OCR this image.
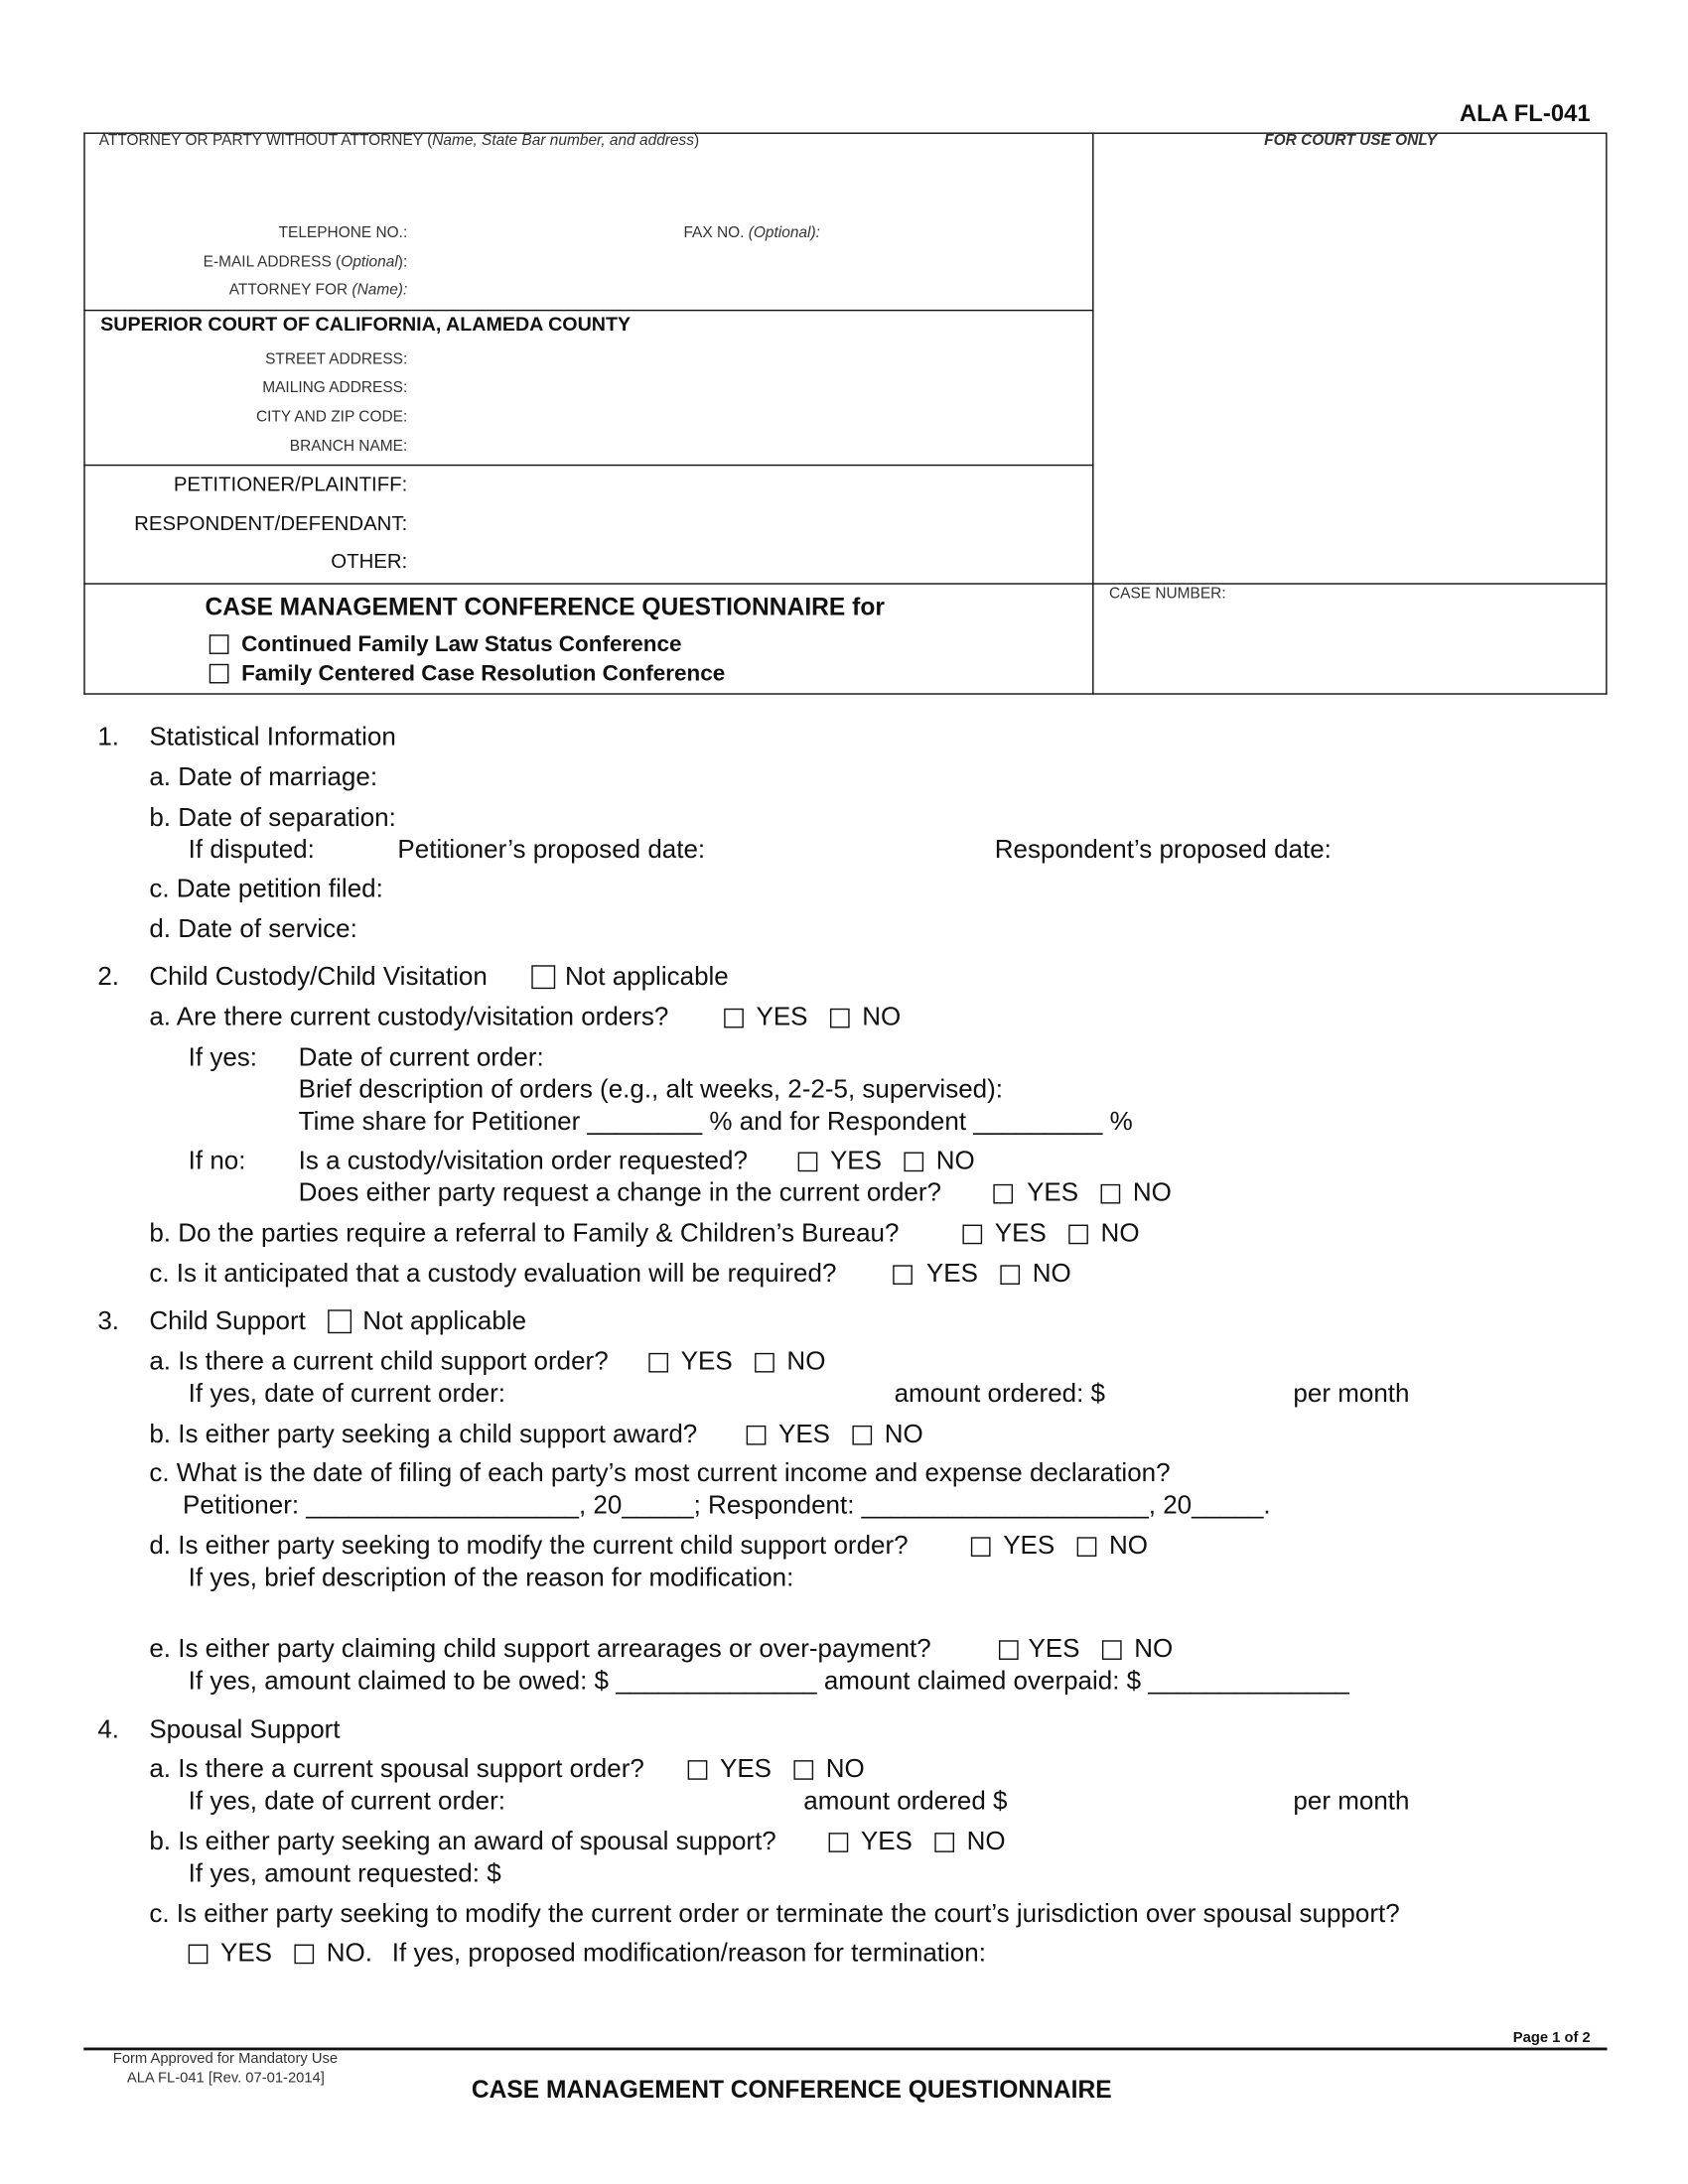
ALA FL-041
ATTORNEY OR PARTY WITHOUT ATTORNEY (Name, State Bar number, and address)	FOR COURT USE ONLY
TELEPHONE NO.:	FAX NO. (Optional):
E-MAIL ADDRESS (Optional):
ATTORNEY FOR (Name):
SUPERIOR COURT OF CALIFORNIA, ALAMEDA COUNTY
STREET ADDRESS:
MAILING ADDRESS:
CITY AND ZIP CODE:
BRANCH NAME:
PETITIONER/PLAINTIFF:
RESPONDENT/DEFENDANT:
OTHER:
CASE NUMBER:
CASE MANAGEMENT CONFERENCE QUESTIONNAIRE for
Continued Family Law Status Conference
Family Centered Case Resolution Conference
1. Statistical Information
a. Date of marriage:
b. Date of separation:
If disputed:	Petitioner’s proposed date:	Respondent’s proposed date:
c. Date petition filed:
d. Date of service:
2. Child Custody/Child Visitation	Not applicable
a. Are there current custody/visitation orders?	YES	NO
If yes: Date of current order:
Brief description of orders (e.g., alt weeks, 2-2-5, supervised):
Time share for Petitioner ________ % and for Respondent _________ %
If no:	Is a custody/visitation order requested?	YES	NO
Does either party request a change in the current order?	YES	NO
b. Do the parties require a referral to Family & Children’s Bureau?	YES	NO
c. Is it anticipated that a custody evaluation will be required?	YES	NO
3. Child Support	Not applicable
a. Is there a current child support order?	YES	NO
If yes, date of current order:	amount ordered: $	per month
b. Is either party seeking a child support award?	YES	NO
c. What is the date of filing of each party’s most current income and expense declaration?
Petitioner: ___________________, 20_____; Respondent: ____________________, 20_____.
d. Is either party seeking to modify the current child support order?	YES	NO
If yes, brief description of the reason for modification:
e. Is either party claiming child support arrearages or over-payment?	YES	NO
If yes, amount claimed to be owed: $ ______________ amount claimed overpaid: $ ______________
4. Spousal Support
a. Is there a current spousal support order?	YES	NO
If yes, date of current order:	amount ordered $	per month
b. Is either party seeking an award of spousal support?	YES	NO
If yes, amount requested: $
c. Is either party seeking to modify the current order or terminate the court’s jurisdiction over spousal support?
YES	NO. If yes, proposed modification/reason for termination:
Page 1 of 2
Form Approved for Mandatory Use
ALA FL-041 [Rev. 07-01-2014]	CASE MANAGEMENT CONFERENCE QUESTIONNAIRE
